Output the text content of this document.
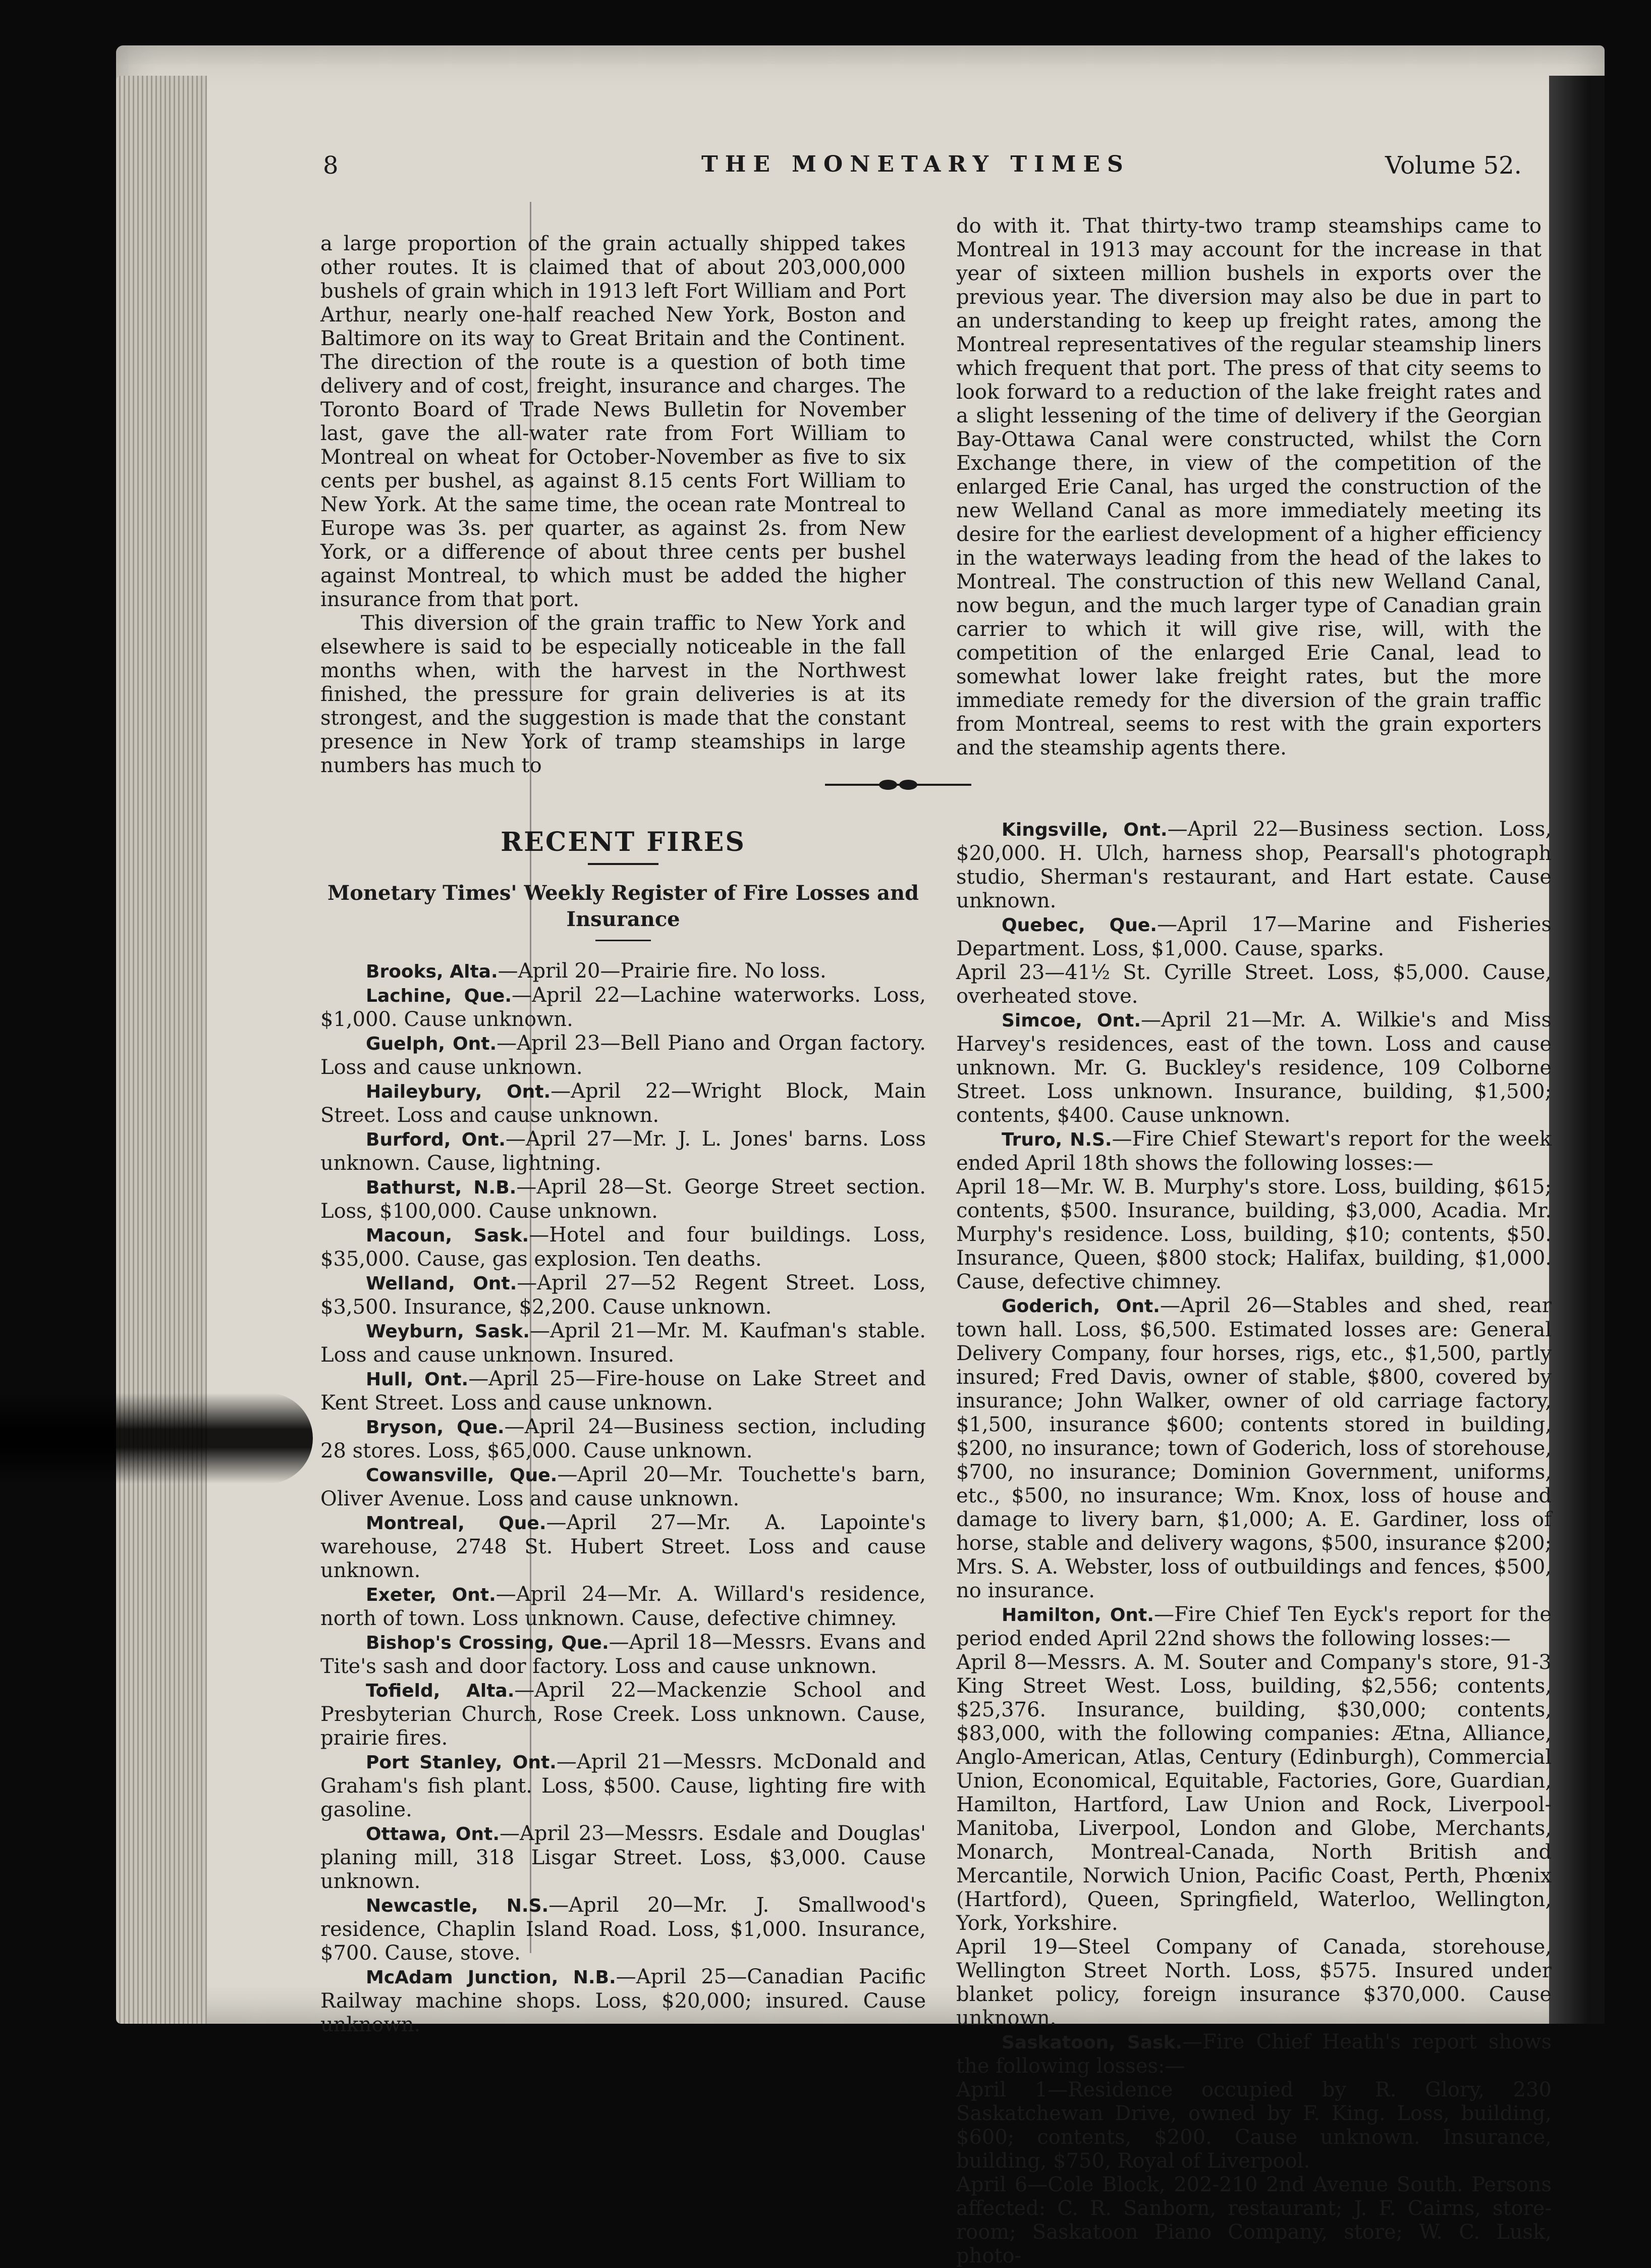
8	THE MONETARY TIMES	Volume 52.

a large proportion of the grain actually shipped takes other routes. It is claimed that of about 203,000,000 bushels of grain which in 1913 left Fort William and Port Arthur, nearly one-half reached New York, Boston and Baltimore on its way to Great Britain and the Continent. The direction of the route is a question of both time delivery and of cost, freight, insurance and charges. The Toronto Board of Trade News Bulletin for November last, gave the all-water rate from Fort William to Montreal on wheat for October-November as five to six cents per bushel, as against 8.15 cents Fort William to New York. At the same time, the ocean rate Montreal to Europe was 3s. per quarter, as against 2s. from New York, or a difference of about three cents per bushel against Montreal, to which must be added the higher insurance from that port.

This diversion of the grain traffic to New York and elsewhere is said to be especially noticeable in the fall months when, with the harvest in the Northwest finished, the pressure for grain deliveries is at its strongest, and the suggestion is made that the constant presence in New York of tramp steamships in large numbers has much to

do with it. That thirty-two tramp steamships came to Montreal in 1913 may account for the increase in that year of sixteen million bushels in exports over the previous year. The diversion may also be due in part to an understanding to keep up freight rates, among the Montreal representatives of the regular steamship liners which frequent that port. The press of that city seems to look forward to a reduction of the lake freight rates and a slight lessening of the time of delivery if the Georgian Bay-Ottawa Canal were constructed, whilst the Corn Exchange there, in view of the competition of the enlarged Erie Canal, has urged the construction of the new Welland Canal as more immediately meeting its desire for the earliest development of a higher efficiency in the waterways leading from the head of the lakes to Montreal. The construction of this new Welland Canal, now begun, and the much larger type of Canadian grain carrier to which it will give rise, will, with the competition of the enlarged Erie Canal, lead to somewhat lower lake freight rates, but the more immediate remedy for the diversion of the grain traffic from Montreal, seems to rest with the grain exporters and the steamship agents there.

RECENT FIRES
Monetary Times' Weekly Register of Fire Losses and Insurance

Brooks, Alta.—April 20—Prairie fire. No loss.

Lachine, Que.—April 22—Lachine waterworks. Loss, $1,000. Cause unknown.

Guelph, Ont.—April 23—Bell Piano and Organ factory. Loss and cause unknown.

Haileybury, Ont.—April 22—Wright Block, Main Street. Loss and cause unknown.

Burford, Ont.—April 27—Mr. J. L. Jones' barns. Loss unknown. Cause, lightning.

Bathurst, N.B.—April 28—St. George Street section. Loss, $100,000. Cause unknown.

Macoun, Sask.—Hotel and four buildings. Loss, $35,000. Cause, gas explosion. Ten deaths.

Welland, Ont.—April 27—52 Regent Street. Loss, $3,500. Insurance, $2,200. Cause unknown.

Weyburn, Sask.—April 21—Mr. M. Kaufman's stable. Loss and cause unknown. Insured.

Hull, Ont.—April 25—Fire-house on Lake Street and Kent Street. Loss and cause unknown.

Bryson, Que.—April 24—Business section, including 28 stores. Loss, $65,000. Cause unknown.

Cowansville, Que.—April 20—Mr. Touchette's barn, Oliver Avenue. Loss and cause unknown.

Montreal, Que.—April 27—Mr. A. Lapointe's warehouse, 2748 St. Hubert Street. Loss and cause unknown.

Exeter, Ont.—April 24—Mr. A. Willard's residence, north of town. Loss unknown. Cause, defective chimney.

Bishop's Crossing, Que.—April 18—Messrs. Evans and Tite's sash and door factory. Loss and cause unknown.

Tofield, Alta.—April 22—Mackenzie School and Presbyterian Church, Rose Creek. Loss unknown. Cause, prairie fires.

Port Stanley, Ont.—April 21—Messrs. McDonald and Graham's fish plant. Loss, $500. Cause, lighting fire with gasoline.

Ottawa, Ont.—April 23—Messrs. Esdale and Douglas' planing mill, 318 Lisgar Street. Loss, $3,000. Cause unknown.

Newcastle, N.S.—April 20—Mr. J. Smallwood's residence, Chaplin Island Road. Loss, $1,000. Insurance, $700. Cause, stove.

McAdam Junction, N.B.—April 25—Canadian Pacific Railway machine shops. Loss, $20,000; insured. Cause unknown.

Kingsville, Ont.—April 22—Business section. Loss, $20,000. H. Ulch, harness shop, Pearsall's photograph studio, Sherman's restaurant, and Hart estate. Cause unknown.

Quebec, Que.—April 17—Marine and Fisheries Department. Loss, $1,000. Cause, sparks.

April 23—41½ St. Cyrille Street. Loss, $5,000. Cause, overheated stove.

Simcoe, Ont.—April 21—Mr. A. Wilkie's and Miss Harvey's residences, east of the town. Loss and cause unknown. Mr. G. Buckley's residence, 109 Colborne Street. Loss unknown. Insurance, building, $1,500; contents, $400. Cause unknown.

Truro, N.S.—Fire Chief Stewart's report for the week ended April 18th shows the following losses:—

April 18—Mr. W. B. Murphy's store. Loss, building, $615; contents, $500. Insurance, building, $3,000, Acadia. Mr. Murphy's residence. Loss, building, $10; contents, $50. Insurance, Queen, $800 stock; Halifax, building, $1,000. Cause, defective chimney.

Goderich, Ont.—April 26—Stables and shed, rear town hall. Loss, $6,500. Estimated losses are: General Delivery Company, four horses, rigs, etc., $1,500, partly insured; Fred Davis, owner of stable, $800, covered by insurance; John Walker, owner of old carriage factory, $1,500, insurance $600; contents stored in building, $200, no insurance; town of Goderich, loss of storehouse, $700, no insurance; Dominion Government, uniforms, etc., $500, no insurance; Wm. Knox, loss of house and damage to livery barn, $1,000; A. E. Gardiner, loss of horse, stable and delivery wagons, $500, insurance $200; Mrs. S. A. Webster, loss of outbuildings and fences, $500, no insurance.

Hamilton, Ont.—Fire Chief Ten Eyck's report for the period ended April 22nd shows the following losses:—

April 8—Messrs. A. M. Souter and Company's store, 91-3 King Street West. Loss, building, $2,556; contents, $25,376. Insurance, building, $30,000; contents, $83,000, with the following companies: Ætna, Alliance, Anglo-American, Atlas, Century (Edinburgh), Commercial Union, Economical, Equitable, Factories, Gore, Guardian, Hamilton, Hartford, Law Union and Rock, Liverpool-Manitoba, Liverpool, London and Globe, Merchants, Monarch, Montreal-Canada, North British and Mercantile, Norwich Union, Pacific Coast, Perth, Phœnix (Hartford), Queen, Springfield, Waterloo, Wellington, York, Yorkshire.

April 19—Steel Company of Canada, storehouse, Wellington Street North. Loss, $575. Insured under blanket policy, foreign insurance $370,000. Cause unknown.

Saskatoon, Sask.—Fire Chief Heath's report shows the following losses:—

April 1—Residence occupied by R. Glory, 230 Saskatchewan Drive, owned by F. King. Loss, building, $600; contents, $200. Cause unknown. Insurance, building, $750, Royal of Liverpool.

April 6—Cole Block, 202-210 2nd Avenue South. Persons affected: C. R. Sanborn, restaurant; J. F. Cairns, store-room; Saskatoon Piano Company, store; W. C. Lusk, photo-
